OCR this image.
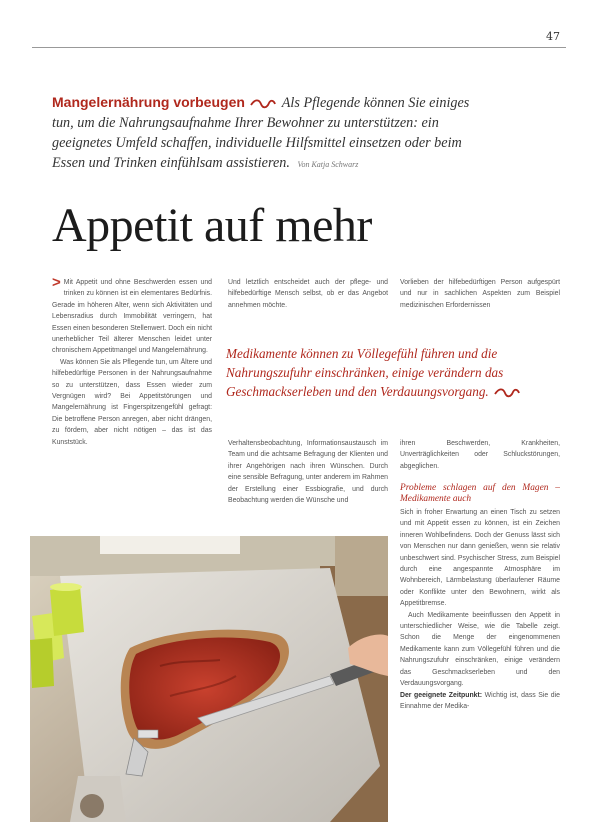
47
Mangelernährung vorbeugen	Als Pflegende können Sie einiges tun, um die Nahrungsaufnahme Ihrer Bewohner zu unterstützen: ein geeignetes Umfeld schaffen, individuelle Hilfsmittel einsetzen oder beim Essen und Trinken einfühlsam assistieren. Von Katja Schwarz
Appetit auf mehr

> Mit Appetit und ohne Beschwerden essen und trinken zu können ist ein elementares Bedürfnis. Gerade im höheren Alter, wenn sich Aktivitäten und Lebensradius durch Immobilität verringern, hat Essen einen besonderen Stellenwert. Doch ein nicht unerheblicher Teil älterer Menschen leidet unter chronischem Appetitmangel und Mangelernährung.

Was können Sie als Pflegende tun, um Ältere und hilfebedürftige Personen in der Nahrungsaufnahme so zu unterstützen, dass Essen wieder zum Vergnügen wird? Bei Appetitstörungen und Mangelernährung ist Fingerspitzengefühl gefragt: Die betroffene Person anregen, aber nicht drängen, zu fördern, aber nicht nötigen – das ist das Kunststück.

Und letztlich entscheidet auch der pflege- und hilfebedürftige Mensch selbst, ob er das Angebot annehmen möchte.

Vorlieben der hilfebedürftigen Person aufgespürt und nur in sachlichen Aspekten zum Beispiel medizinischen Erfordernissen

Medikamente können zu Völlegefühl führen und die Nahrungszufuhr einschränken, einige verändern das Geschmackserleben und den Verdauungsvorgang.

Verhaltensbeobachtung, Informationsaustausch im Team und die achtsame Befragung der Klienten und ihrer Angehörigen nach ihren Wünschen. Durch eine sensible Befragung, unter anderem im Rahmen der Erstellung einer Essbiografie, und durch Beobachtung werden die Wünsche und

ihren Beschwerden, Krankheiten, Unverträglichkeiten oder Schluckstörungen, abgeglichen.

Probleme schlagen auf den Magen – Medikamente auch

Sich in froher Erwartung an einen Tisch zu setzen und mit Appetit essen zu können, ist ein Zeichen inneren Wohlbefindens. Doch der Genuss lässt sich von Menschen nur dann genießen, wenn sie relativ unbeschwert sind. Psychischer Stress, zum Beispiel durch eine angespannte Atmosphäre im Wohnbereich, Lärmbelastung überlaufener Räume oder Konflikte unter den Bewohnern, wirkt als Appetitbremse.

Auch Medikamente beeinflussen den Appetit in unterschiedlicher Weise, wie die Tabelle zeigt. Schon die Menge der eingenommenen Medikamente kann zum Völlegefühl führen und die Nahrungszufuhr einschränken, einige verändern das Geschmackserleben und den Verdauungsvorgang.

Der geeignete Zeitpunkt: Wichtig ist, dass Sie die Einnahme der Medika-
